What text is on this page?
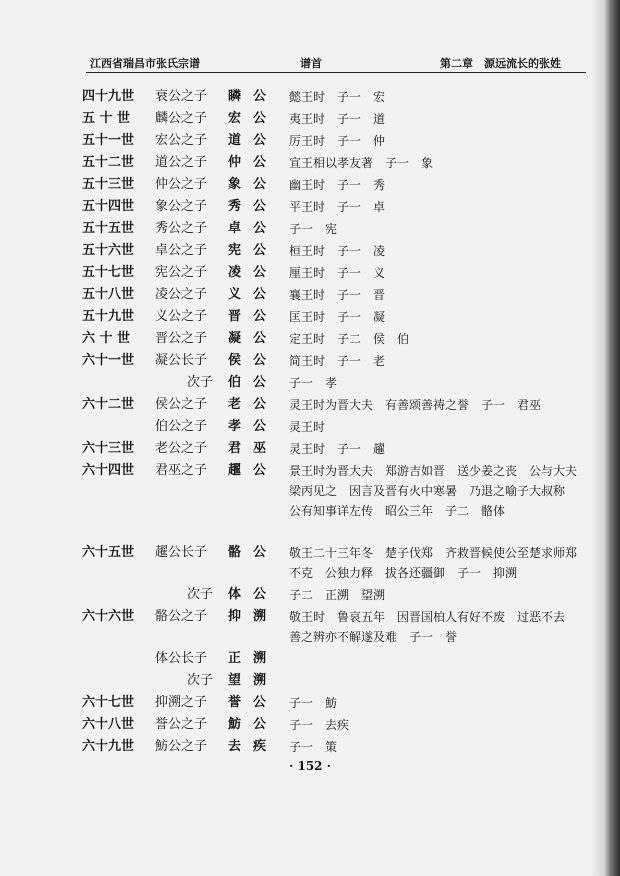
江西省瑞昌市张氏宗谱	谱首	第二章　源远流长的张姓
四十九世 衰公之子 瞵公 懿王时　子一　宏
五 十 世 麟公之子 宏公 夷王时　子一　道
五十一世 宏公之子 道公 厉王时　子一　仲
五十二世 道公之子 仲公 宣王相以孝友著　子一　象
五十三世 仲公之子 象公 幽王时　子一　秀
五十四世 象公之子 秀公 平王时　子一　卓
五十五世 秀公之子 卓公 子一　宪
五十六世 卓公之子 宪公 桓王时　子一　凌
五十七世 宪公之子 凌公 厘王时　子一　义
五十八世 凌公之子 义公 襄王时　子一　晋
五十九世 义公之子 晋公 匡王时　子一　凝
六 十 世 晋公之子 凝公 定王时　子二　侯　伯
六十一世 凝公长子 侯公 简王时　子一　老
次子 伯公 子一　孝
六十二世 侯公之子 老公 灵王时为晋大夫　有善颂善祷之誉　子一　君巫
伯公之子 孝公 灵王时
六十三世 老公之子 君巫 灵王时　子一　趯
六十四世 君巫之子 趯公 景王时为晋大夫　郑游吉如晋　送少姜之丧　公与大夫梁丙见之　因言及晋有火中寒暑　乃退之喻子大叔称　公有知事详左传　昭公三年　子二　骼体
六十五世 趯公长子 骼公 敬王二十三年冬　楚子伐郑　齐救晋候使公至楚求师郑不克　公独力释　拔各还疆御　子一　抑溯
次子 体公 子二　正溯　望溯
六十六世 骼公之子 抑溯 敬王时　鲁哀五年　因晋国柏人有好不废　过恶不去　善之辨亦不解遂及难　子一　誉
体公长子 正溯
次子 望溯
六十七世 抑溯之子 誉公 子一　魴
六十八世 誉公之子 魴公 子一　去疾
六十九世 魴公之子 去疾 子一　策
· 152 ·
